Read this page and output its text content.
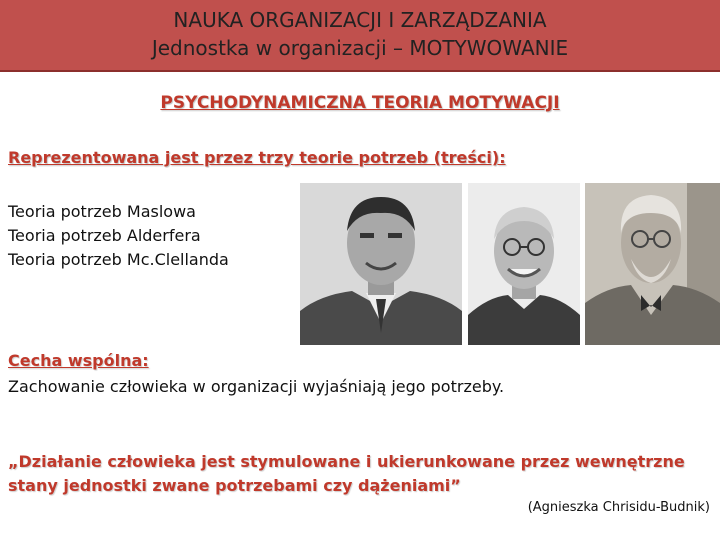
NAUKA ORGANIZACJI I ZARZĄDZANIA
Jednostka w organizacji – MOTYWOWANIE
PSYCHODYNAMICZNA TEORIA MOTYWACJI
Reprezentowana jest przez trzy teorie potrzeb (treści):
Teoria potrzeb Maslowa
Teoria potrzeb Alderfera
Teoria potrzeb Mc.Clellanda
Cecha wspólna:
Zachowanie człowieka w organizacji wyjaśniają jego potrzeby.
„Działanie człowieka jest stymulowane i ukierunkowane przez wewnętrzne
stany jednostki zwane potrzebami czy dążeniami”
(Agnieszka Chrisidu-Budnik)
